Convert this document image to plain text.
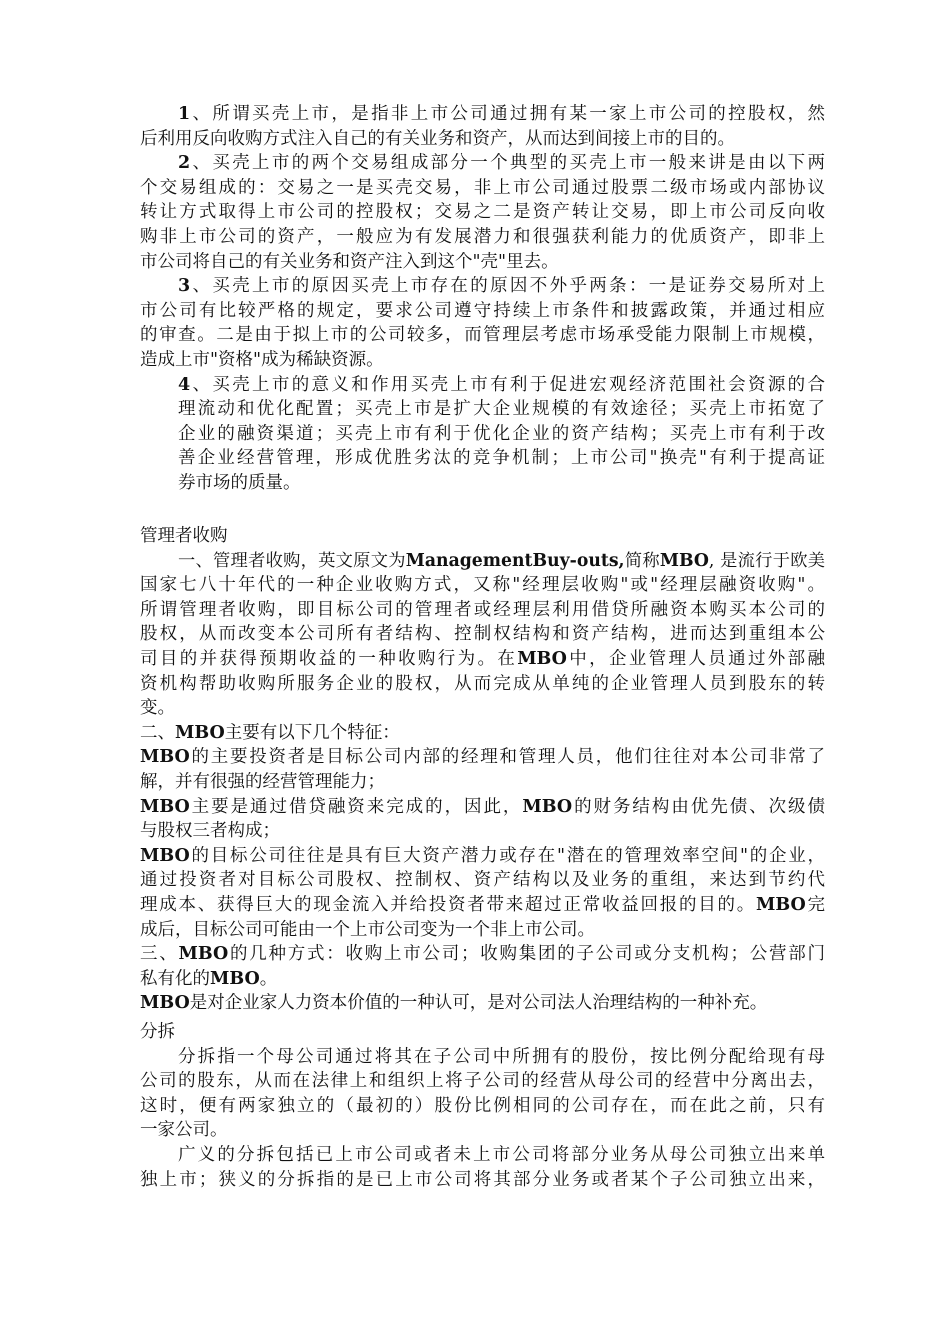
1、所谓买壳上市，是指非上市公司通过拥有某一家上市公司的控股权，然
后利用反向收购方式注入自己的有关业务和资产，从而达到间接上市的目的。

2、买壳上市的两个交易组成部分一个典型的买壳上市一般来讲是由以下两
个交易组成的：交易之一是买壳交易，非上市公司通过股票二级市场或内部协议
转让方式取得上市公司的控股权；交易之二是资产转让交易，即上市公司反向收
购非上市公司的资产，一般应为有发展潜力和很强获利能力的优质资产，即非上
市公司将自己的有关业务和资产注入到这个"壳"里去。

3、买壳上市的原因买壳上市存在的原因不外乎两条：一是证券交易所对上
市公司有比较严格的规定，要求公司遵守持续上市条件和披露政策，并通过相应
的审查。二是由于拟上市的公司较多，而管理层考虑市场承受能力限制上市规模，
造成上市"资格"成为稀缺资源。

4、买壳上市的意义和作用买壳上市有利于促进宏观经济范围社会资源的合
理流动和优化配置；买壳上市是扩大企业规模的有效途径；买壳上市拓宽了
企业的融资渠道；买壳上市有利于优化企业的资产结构；买壳上市有利于改
善企业经营管理，形成优胜劣汰的竞争机制；上市公司"换壳"有利于提高证
券市场的质量。

管理者收购

一、管理者收购，英文原文为ManagementBuy-outs,简称MBO, 是流行于欧美
国家七八十年代的一种企业收购方式，又称"经理层收购"或"经理层融资收购"。
所谓管理者收购，即目标公司的管理者或经理层利用借贷所融资本购买本公司的
股权，从而改变本公司所有者结构、控制权结构和资产结构，进而达到重组本公
司目的并获得预期收益的一种收购行为。在MBO中，企业管理人员通过外部融
资机构帮助收购所服务企业的股权，从而完成从单纯的企业管理人员到股东的转
变。

二、MBO主要有以下几个特征：

MBO的主要投资者是目标公司内部的经理和管理人员，他们往往对本公司非常了
解，并有很强的经营管理能力；

MBO主要是通过借贷融资来完成的，因此，MBO的财务结构由优先债、次级债
与股权三者构成；

MBO的目标公司往往是具有巨大资产潜力或存在"潜在的管理效率空间"的企业，
通过投资者对目标公司股权、控制权、资产结构以及业务的重组，来达到节约代
理成本、获得巨大的现金流入并给投资者带来超过正常收益回报的目的。MBO完
成后，目标公司可能由一个上市公司变为一个非上市公司。

三、MBO的几种方式：收购上市公司；收购集团的子公司或分支机构；公营部门
私有化的MBO。

MBO是对企业家人力资本价值的一种认可，是对公司法人治理结构的一种补充。
分拆

分拆指一个母公司通过将其在子公司中所拥有的股份，按比例分配给现有母
公司的股东，从而在法律上和组织上将子公司的经营从母公司的经营中分离出去，
这时，便有两家独立的（最初的）股份比例相同的公司存在，而在此之前，只有
一家公司。

广义的分拆包括已上市公司或者未上市公司将部分业务从母公司独立出来单
独上市；狭义的分拆指的是已上市公司将其部分业务或者某个子公司独立出来，
